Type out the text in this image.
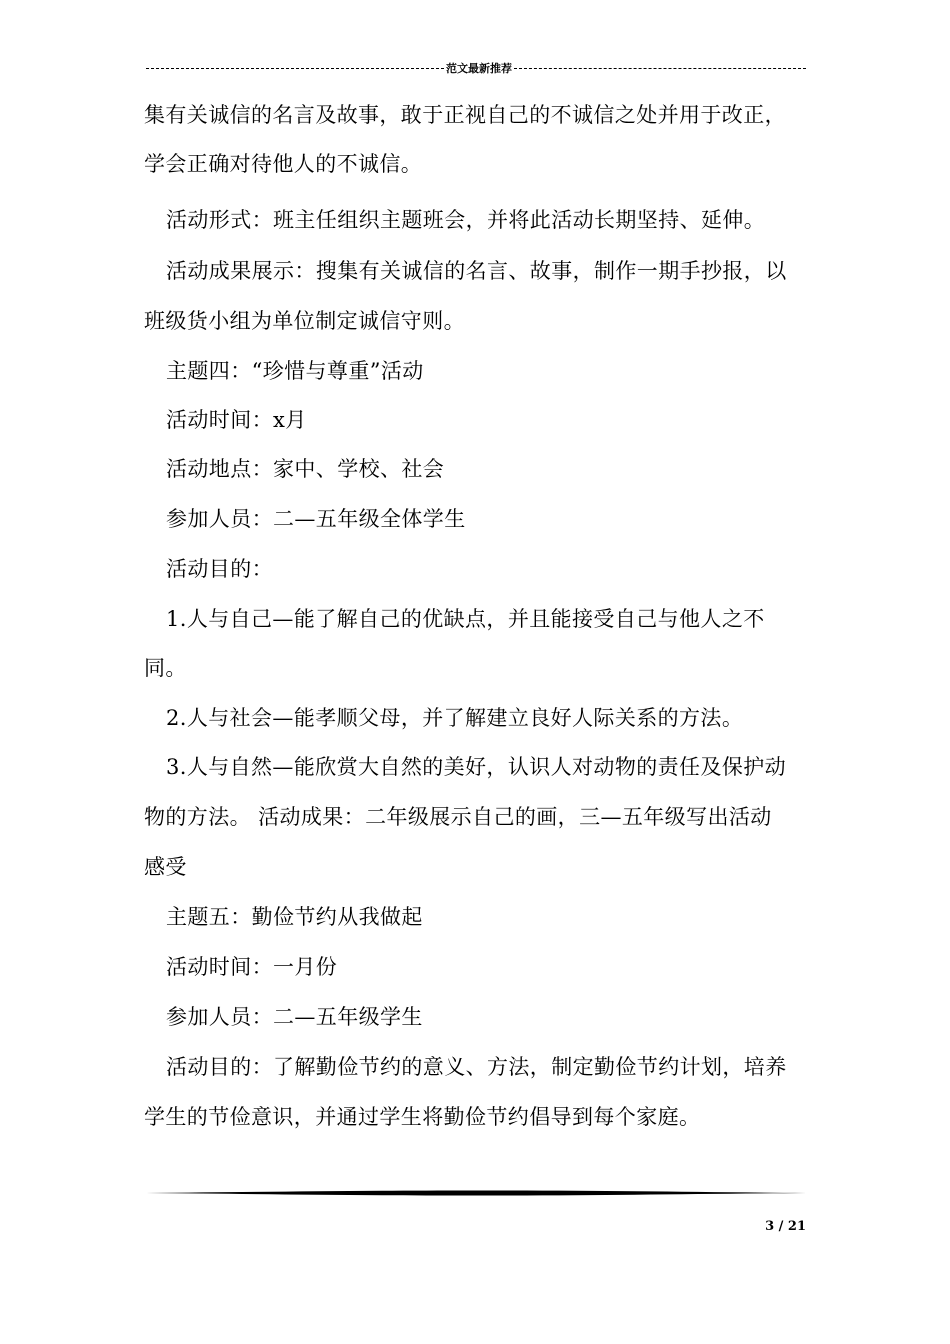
范文最新推荐
集有关诚信的名言及故事，敢于正视自己的不诚信之处并用于改正，
学会正确对待他人的不诚信。
活动形式：班主任组织主题班会，并将此活动长期坚持、延伸。
活动成果展示：搜集有关诚信的名言、故事，制作一期手抄报，以
班级货小组为单位制定诚信守则。
主题四：“珍惜与尊重”活动
活动时间：x月
活动地点：家中、学校、社会
参加人员：二—五年级全体学生
活动目的：
1.人与自己—能了解自己的优缺点，并且能接受自己与他人之不
同。
2.人与社会—能孝顺父母，并了解建立良好人际关系的方法。
3.人与自然—能欣赏大自然的美好，认识人对动物的责任及保护动
物的方法。 活动成果：二年级展示自己的画，三—五年级写出活动
感受
主题五：勤俭节约从我做起
活动时间：一月份
参加人员：二—五年级学生
活动目的：了解勤俭节约的意义、方法，制定勤俭节约计划，培养
学生的节俭意识，并通过学生将勤俭节约倡导到每个家庭。
3 / 21
